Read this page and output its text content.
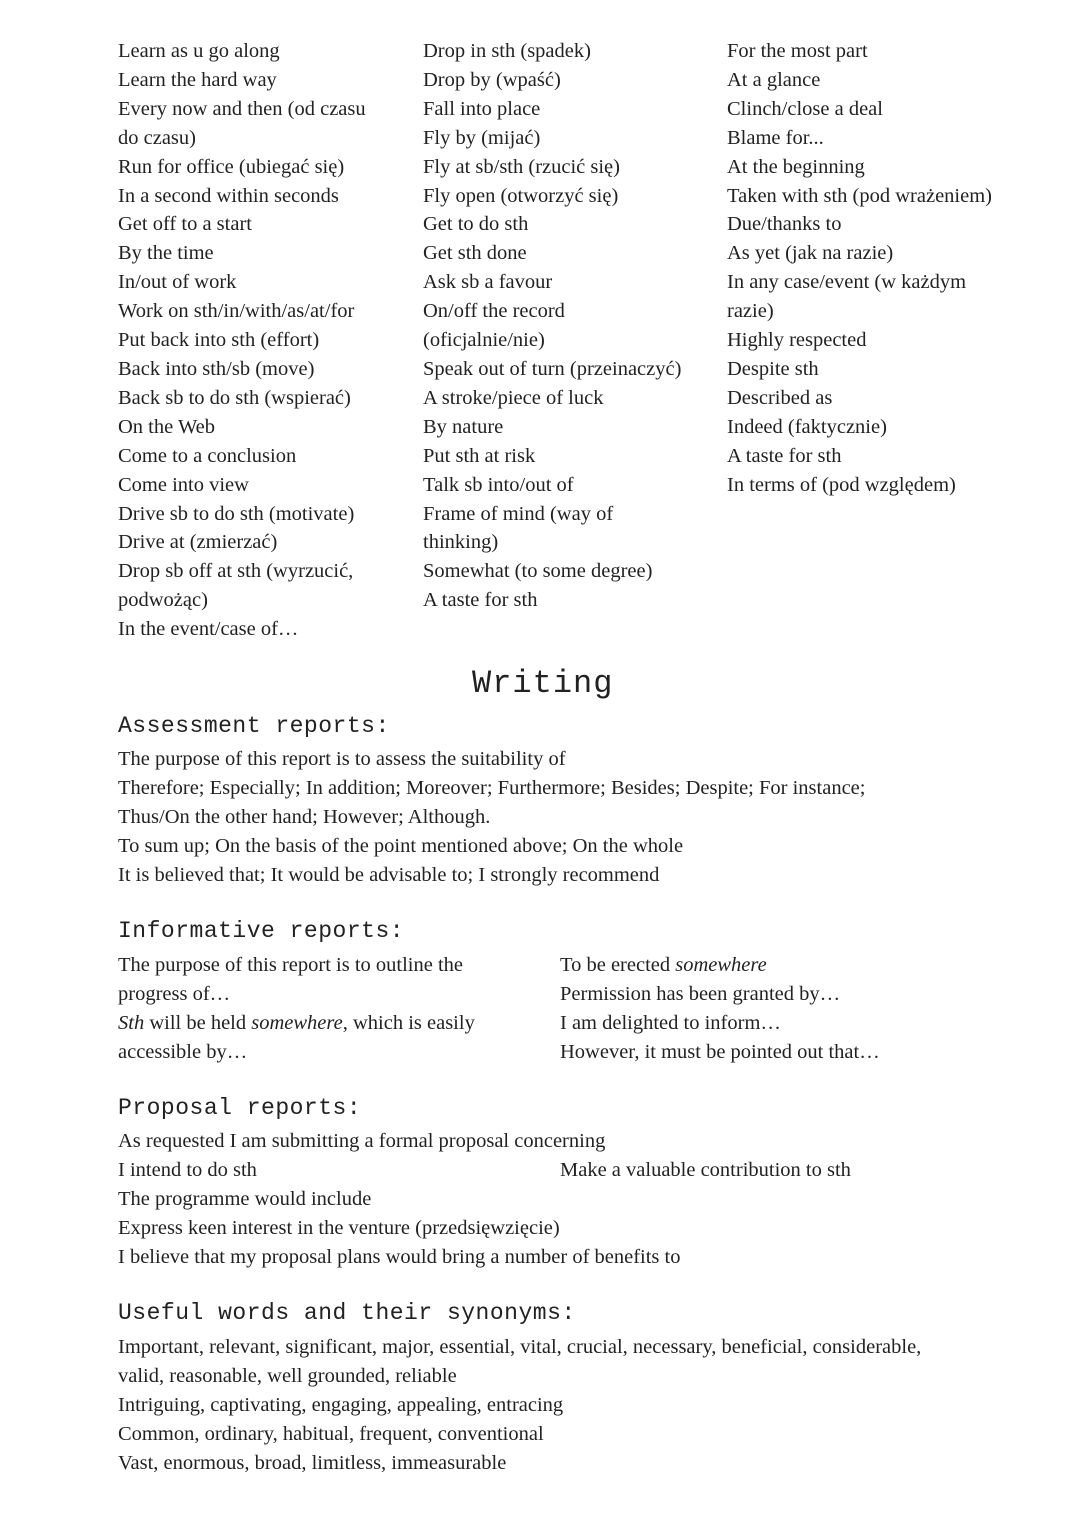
Learn as u go along
Learn the hard way
Every now and then (od czasu
do czasu)
Run for office (ubiegać się)
In a second within seconds
Get off to a start
By the time
In/out of work
Work on sth/in/with/as/at/for
Put back into sth (effort)
Back into sth/sb (move)
Back sb to do sth (wspierać)
On the Web
Come to a conclusion
Come into view
Drive sb to do sth (motivate)
Drive at (zmierzać)
Drop sb off at sth (wyrzucić,
podwożąc)
In the event/case of…
Drop in sth (spadek)
Drop by (wpaść)
Fall into place
Fly by (mijać)
Fly at sb/sth (rzucić się)
Fly open (otworzyć się)
Get to do sth
Get sth done
Ask sb a favour
On/off the record
(oficjalnie/nie)
Speak out of turn (przeinaczyć)
A stroke/piece of luck
By nature
Put sth at risk
Talk sb into/out of
Frame of mind (way of
thinking)
Somewhat (to some degree)
A taste for sth
For the most part
At a glance
Clinch/close a deal
Blame for...
At the beginning
Taken with sth (pod wrażeniem)
Due/thanks to
As yet (jak na razie)
In any case/event (w każdym
razie)
Highly respected
Despite sth
Described as
Indeed (faktycznie)
A taste for sth
In terms of (pod względem)
Writing
Assessment reports:
The purpose of this report is to assess the suitability of
Therefore; Especially; In addition; Moreover; Furthermore; Besides; Despite; For instance;
Thus/On the other hand; However; Although.
To sum up; On the basis of the point mentioned above; On the whole
It is believed that; It would be advisable to; I strongly recommend
Informative reports:
The purpose of this report is to outline the
progress of…
Sth will be held somewhere, which is easily
accessible by…
To be erected somewhere
Permission has been granted by…
I am delighted to inform…
However, it must be pointed out that…
Proposal reports:
As requested I am submitting a formal proposal concerning
I intend to do sth
The programme would include
Express keen interest in the venture (przedsięwzięcie)
I believe that my proposal plans would bring a number of benefits to
Make a valuable contribution to sth
Useful words and their synonyms:
Important, relevant, significant, major, essential, vital, crucial, necessary, beneficial, considerable,
valid, reasonable, well grounded, reliable
Intriguing, captivating, engaging, appealing, entracing
Common, ordinary, habitual, frequent, conventional
Vast, enormous, broad, limitless, immeasurable
